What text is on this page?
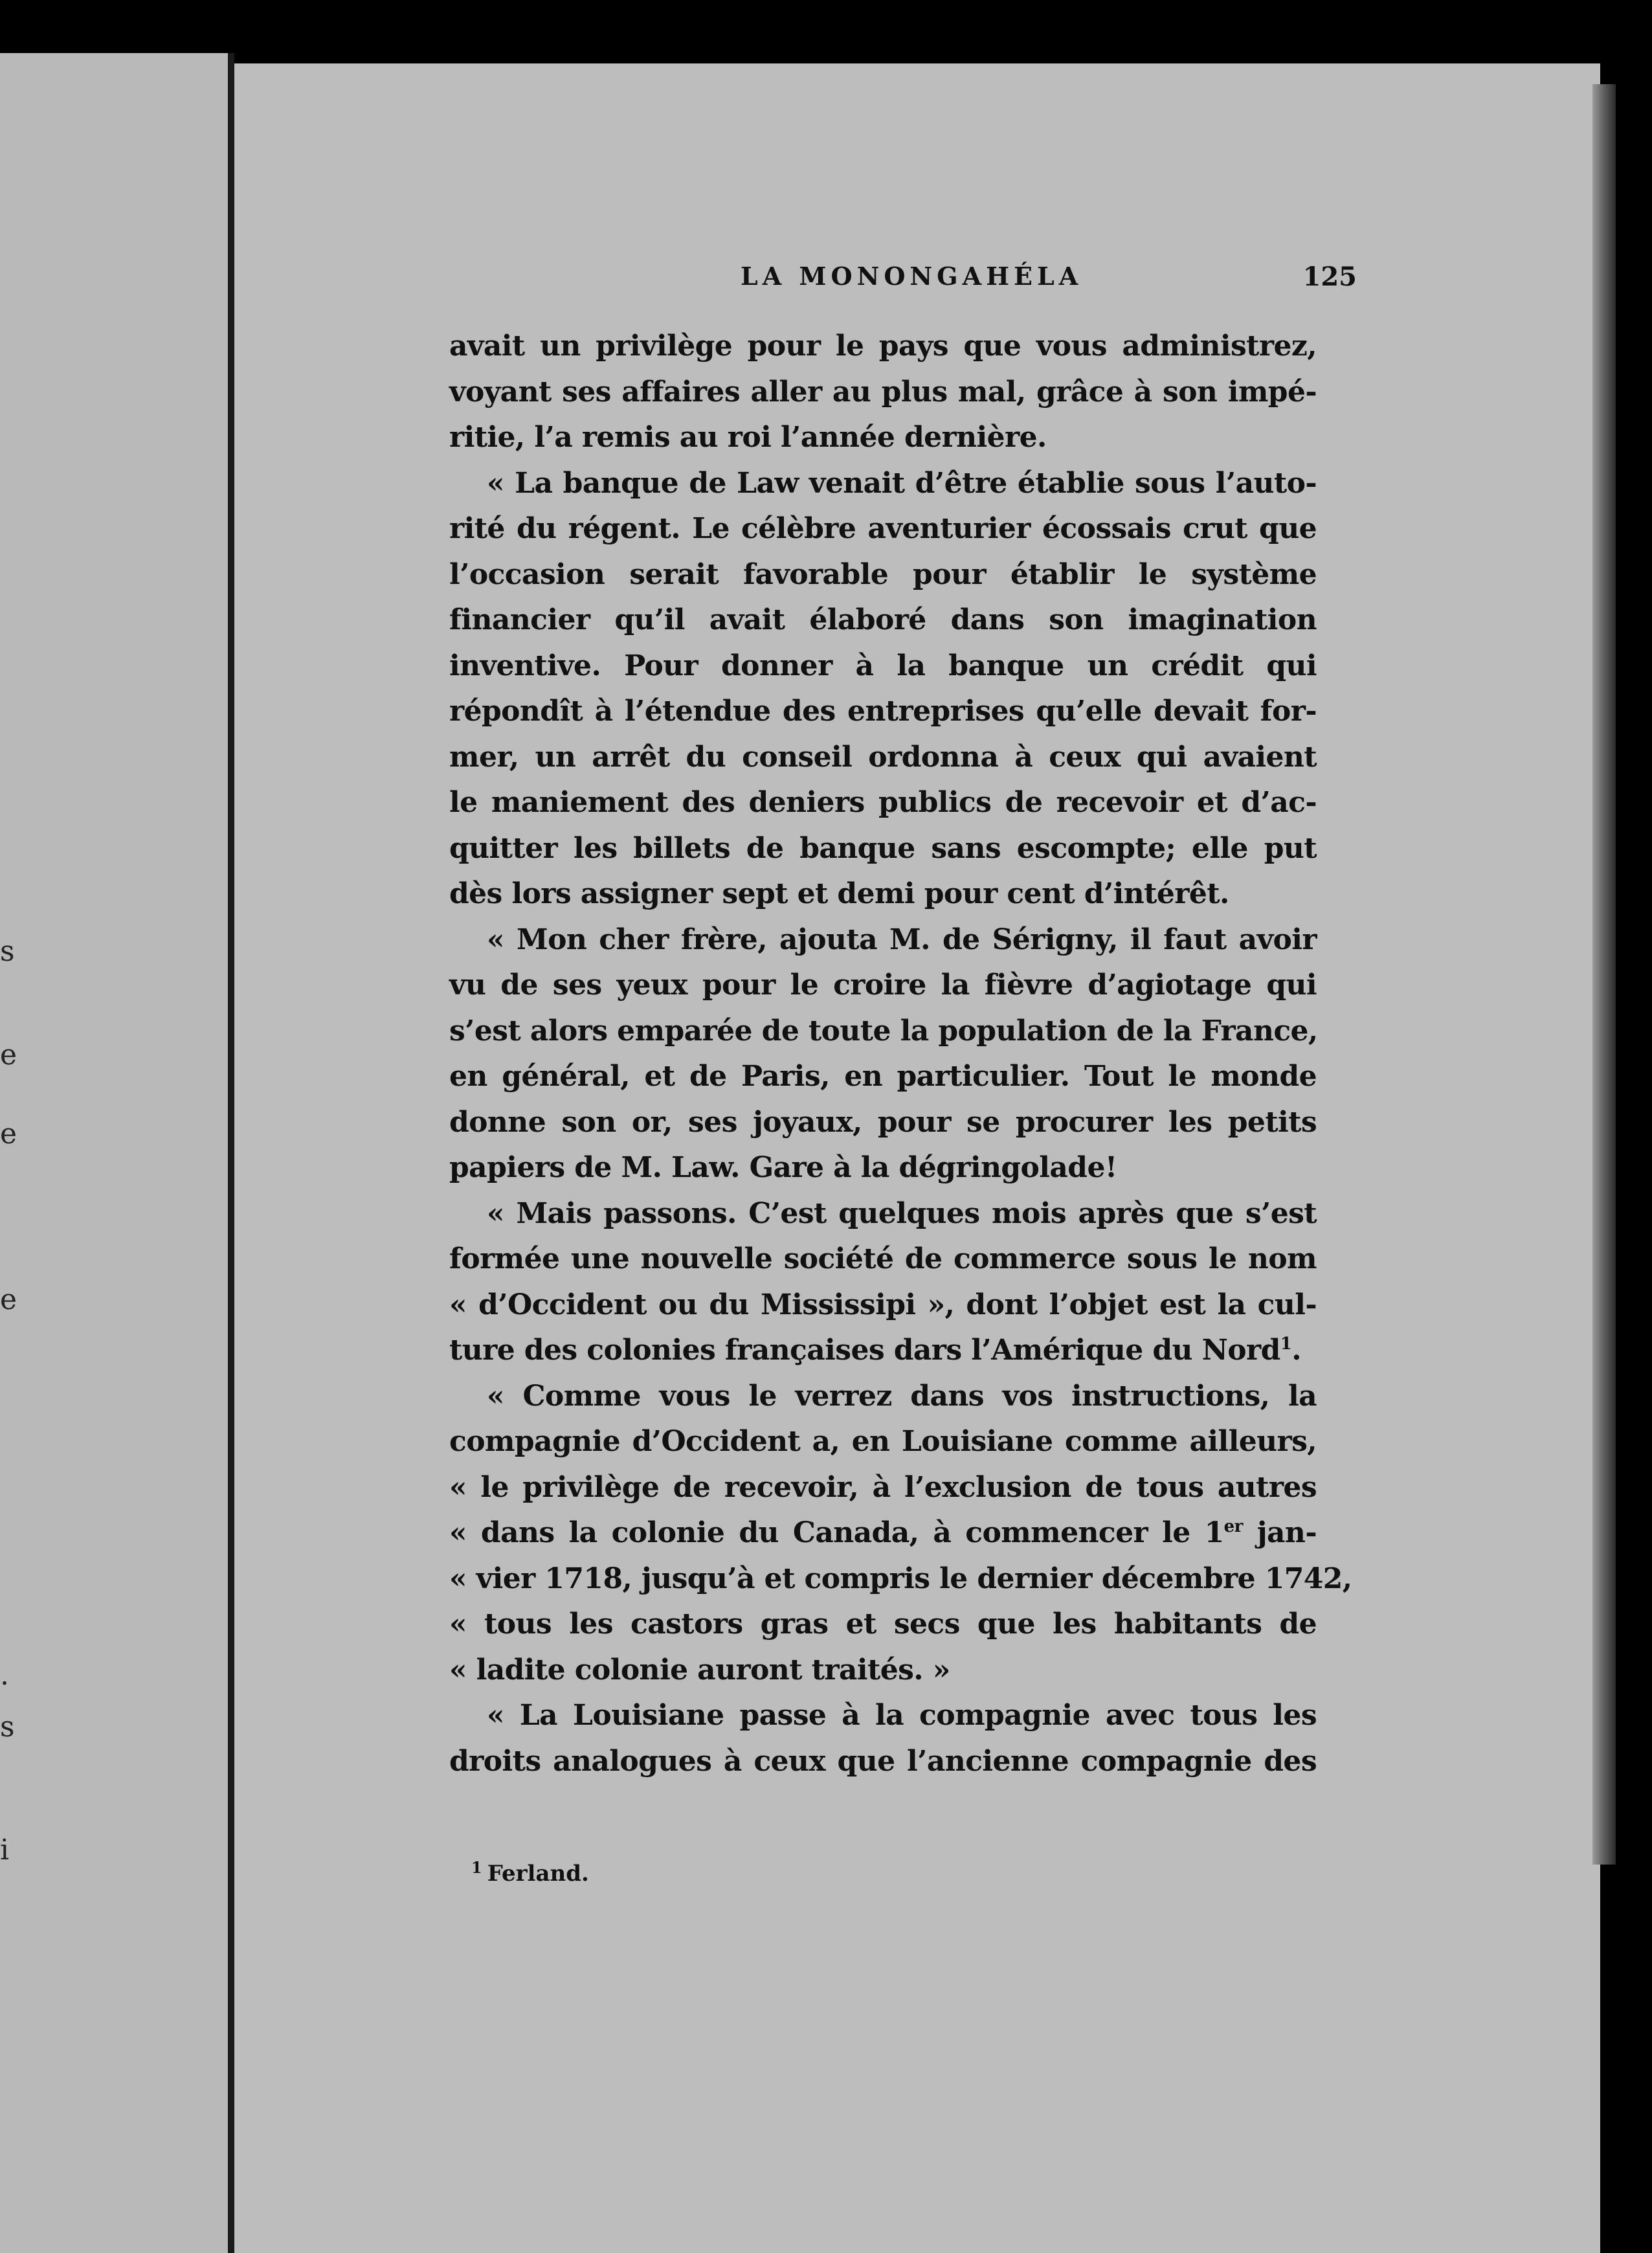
s
e
e
e
.
s
i
LA MONONGAHÉLA	125
avait un privilège pour le pays que vous administrez,
voyant ses affaires aller au plus mal, grâce à son impé-
ritie, l’a remis au roi l’année dernière.
« La banque de Law venait d’être établie sous l’auto-
rité du régent. Le célèbre aventurier écossais crut que
l’occasion serait favorable pour établir le système
financier qu’il avait élaboré dans son imagination
inventive. Pour donner à la banque un crédit qui
répondît à l’étendue des entreprises qu’elle devait for-
mer, un arrêt du conseil ordonna à ceux qui avaient
le maniement des deniers publics de recevoir et d’ac-
quitter les billets de banque sans escompte; elle put
dès lors assigner sept et demi pour cent d’intérêt.
« Mon cher frère, ajouta M. de Sérigny, il faut avoir
vu de ses yeux pour le croire la fièvre d’agiotage qui
s’est alors emparée de toute la population de la France,
en général, et de Paris, en particulier. Tout le monde
donne son or, ses joyaux, pour se procurer les petits
papiers de M. Law. Gare à la dégringolade!
« Mais passons. C’est quelques mois après que s’est
formée une nouvelle société de commerce sous le nom
« d’Occident ou du Mississipi », dont l’objet est la cul-
ture des colonies françaises dars l’Amérique du Nord$^1$.
« Comme vous le verrez dans vos instructions, la
compagnie d’Occident a, en Louisiane comme ailleurs,
« le privilège de recevoir, à l’exclusion de tous autres
« dans la colonie du Canada, à commencer le 1er jan-
« vier 1718, jusqu’à et compris le dernier décembre 1742,
« tous les castors gras et secs que les habitants de
« ladite colonie auront traités. »
« La Louisiane passe à la compagnie avec tous les
droits analogues à ceux que l’ancienne compagnie des
$^1$ Ferland.
